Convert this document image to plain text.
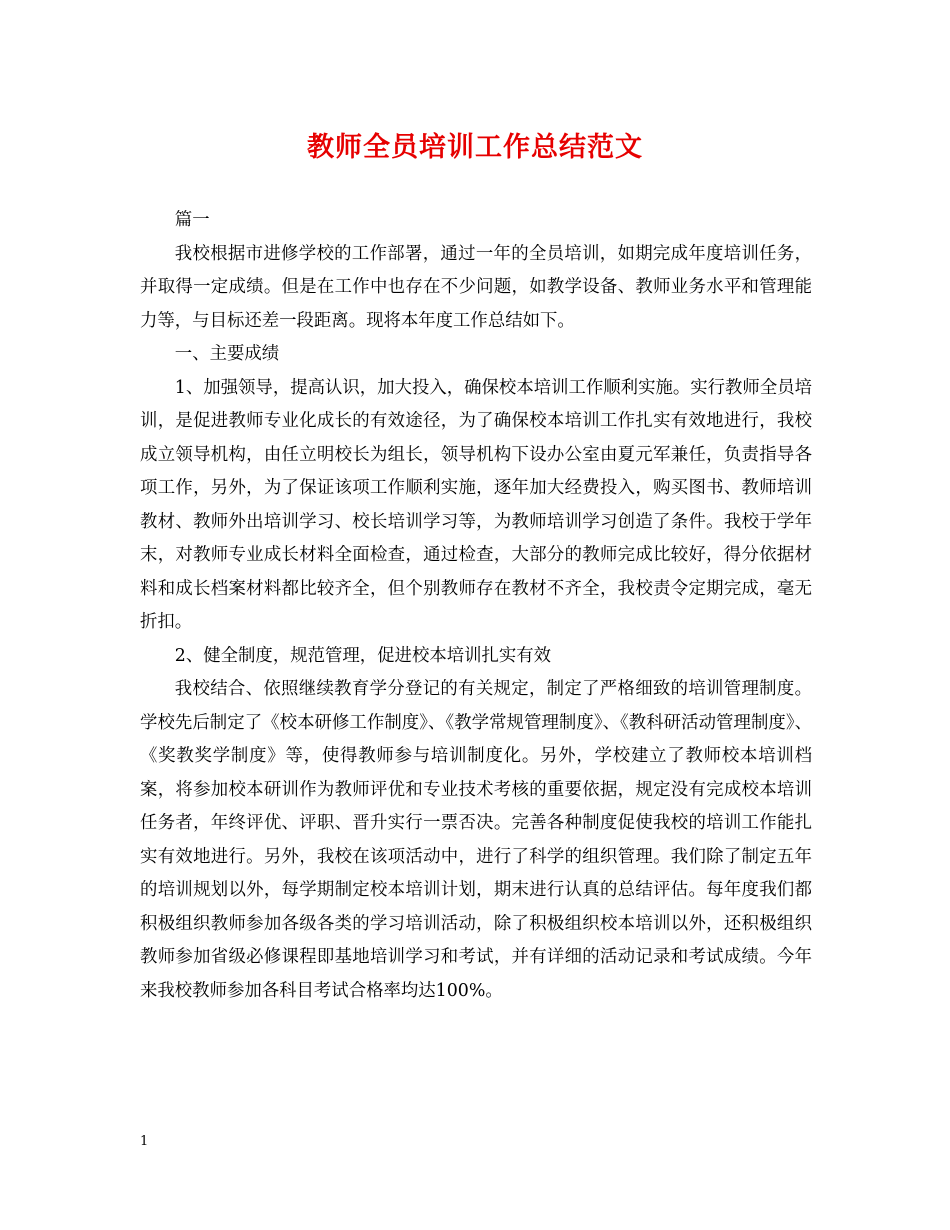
教师全员培训工作总结范文

篇一

我校根据市进修学校的工作部署，通过一年的全员培训，如期完成年度培训任务，并取得一定成绩。但是在工作中也存在不少问题，如教学设备、教师业务水平和管理能力等，与目标还差一段距离。现将本年度工作总结如下。

一、主要成绩

1、加强领导，提高认识，加大投入，确保校本培训工作顺利实施。实行教师全员培训，是促进教师专业化成长的有效途径，为了确保校本培训工作扎实有效地进行，我校成立领导机构，由任立明校长为组长，领导机构下设办公室由夏元军兼任，负责指导各项工作，另外，为了保证该项工作顺利实施，逐年加大经费投入，购买图书、教师培训教材、教师外出培训学习、校长培训学习等，为教师培训学习创造了条件。我校于学年末，对教师专业成长材料全面检查，通过检查，大部分的教师完成比较好，得分依据材料和成长档案材料都比较齐全，但个别教师存在教材不齐全，我校责令定期完成，毫无折扣。

2、健全制度，规范管理，促进校本培训扎实有效

我校结合、依照继续教育学分登记的有关规定，制定了严格细致的培训管理制度。学校先后制定了《校本研修工作制度》、《教学常规管理制度》、《教科研活动管理制度》、《奖教奖学制度》等，使得教师参与培训制度化。另外，学校建立了教师校本培训档案，将参加校本研训作为教师评优和专业技术考核的重要依据，规定没有完成校本培训任务者，年终评优、评职、晋升实行一票否决。完善各种制度促使我校的培训工作能扎实有效地进行。另外，我校在该项活动中，进行了科学的组织管理。我们除了制定五年的培训规划以外，每学期制定校本培训计划，期末进行认真的总结评估。每年度我们都积极组织教师参加各级各类的学习培训活动，除了积极组织校本培训以外，还积极组织教师参加省级必修课程即基地培训学习和考试，并有详细的活动记录和考试成绩。今年来我校教师参加各科目考试合格率均达100%。

1
